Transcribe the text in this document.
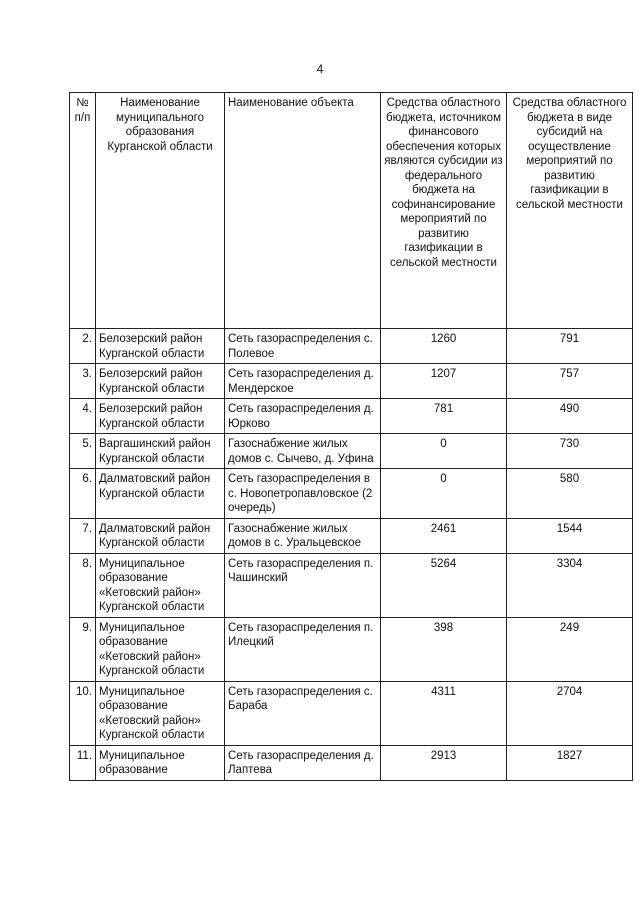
4
№ п/п	Наименование муниципального образования Курганской области	Наименование объекта	Средства областного бюджета, источником финансового обеспечения которых являются субсидии из федерального бюджета на софинансирование мероприятий по развитию газификации в сельской местности	Средства областного бюджета в виде субсидий на осуществление мероприятий по развитию газификации в сельской местности
2.	Белозерский район Курганской области	Сеть газораспределения с. Полевое	1260	791
3.	Белозерский район Курганской области	Сеть газораспределения д. Мендерское	1207	757
4.	Белозерский район Курганской области	Сеть газораспределения д. Юрково	781	490
5.	Варгашинский район Курганской области	Газоснабжение жилых домов с. Сычево, д. Уфина	0	730
6.	Далматовский район Курганской области	Сеть газораспределения в с. Новопетропавловское (2 очередь)	0	580
7.	Далматовский район Курганской области	Газоснабжение жилых домов в с. Уральцевское	2461	1544
8.	Муниципальное образование «Кетовский район» Курганской области	Сеть газораспределения п. Чашинский	5264	3304
9.	Муниципальное образование «Кетовский район» Курганской области	Сеть газораспределения п. Илецкий	398	249
10.	Муниципальное образование «Кетовский район» Курганской области	Сеть газораспределения с. Бараба	4311	2704
11.	Муниципальное образование	Сеть газораспределения д. Лаптева	2913	1827
